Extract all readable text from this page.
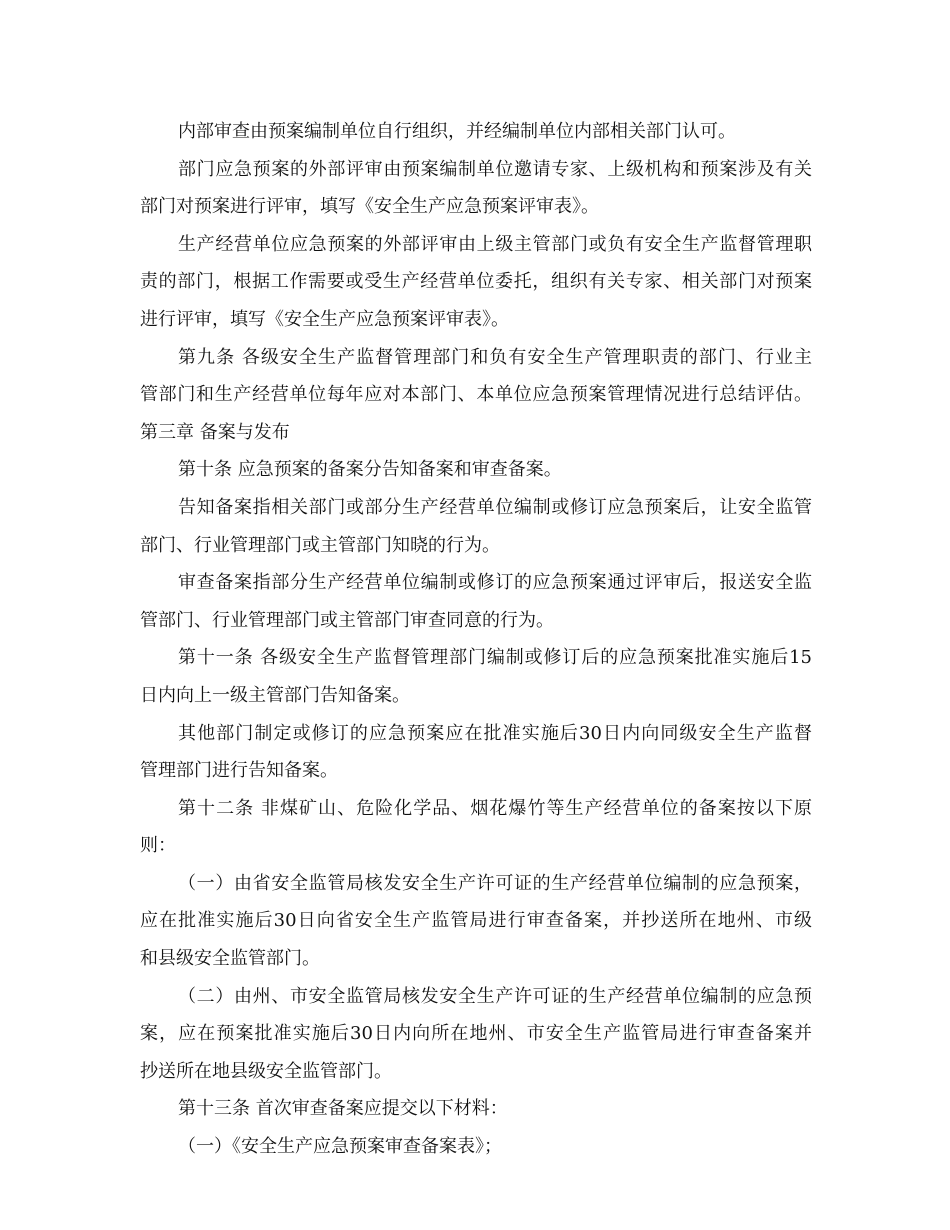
内部审查由预案编制单位自行组织，并经编制单位内部相关部门认可。
部门应急预案的外部评审由预案编制单位邀请专家、上级机构和预案涉及有关
部门对预案进行评审，填写《安全生产应急预案评审表》。
生产经营单位应急预案的外部评审由上级主管部门或负有安全生产监督管理职
责的部门，根据工作需要或受生产经营单位委托，组织有关专家、相关部门对预案
进行评审，填写《安全生产应急预案评审表》。
第九条 各级安全生产监督管理部门和负有安全生产管理职责的部门、行业主
管部门和生产经营单位每年应对本部门、本单位应急预案管理情况进行总结评估。
第三章 备案与发布
第十条 应急预案的备案分告知备案和审查备案。
告知备案指相关部门或部分生产经营单位编制或修订应急预案后，让安全监管
部门、行业管理部门或主管部门知晓的行为。
审查备案指部分生产经营单位编制或修订的应急预案通过评审后，报送安全监
管部门、行业管理部门或主管部门审查同意的行为。
第十一条 各级安全生产监督管理部门编制或修订后的应急预案批准实施后15
日内向上一级主管部门告知备案。
其他部门制定或修订的应急预案应在批准实施后30日内向同级安全生产监督
管理部门进行告知备案。
第十二条 非煤矿山、危险化学品、烟花爆竹等生产经营单位的备案按以下原
则：
（一）由省安全监管局核发安全生产许可证的生产经营单位编制的应急预案，
应在批准实施后30日向省安全生产监管局进行审查备案，并抄送所在地州、市级
和县级安全监管部门。
（二）由州、市安全监管局核发安全生产许可证的生产经营单位编制的应急预
案，应在预案批准实施后30日内向所在地州、市安全生产监管局进行审查备案并
抄送所在地县级安全监管部门。
第十三条 首次审查备案应提交以下材料：
（一）《安全生产应急预案审查备案表》；
